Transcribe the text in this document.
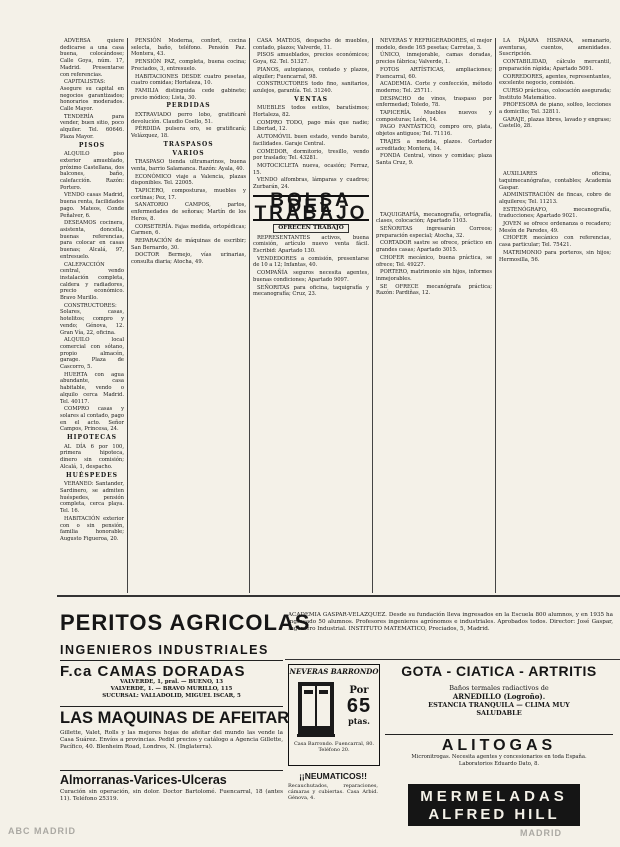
ADVERSA quiere dedicarse a una casa buena, colocándose; Calle Goya, núm. 17, Madrid. Presentarse con referencias.

CAPITALISTAS: Asegure su capital en negocios garantizados; honorarios moderados. Calle Mayor.

TENDERÍA para vender, buen sitio, poco alquiler. Tel. 60646. Plaza Mayor.

PISOS

ALQUILO piso exterior amueblado, próximo Castellana, dos balcones, baño, calefacción. Razón: Portero.

VENDO casas Madrid, buena renta, facilidades pago. Mateos, Conde Peñalver, 6.

DESEAMOS cocinera, asistenta, doncella, buenas referencias, para colocar en casas buenas; Alcalá, 97, entresuelo.

CALEFACCIÓN central, vendo instalación completa, caldera y radiadores, precio económico. Bravo Murillo.

CONSTRUCTORES: Solares, casas, hotelitos; compro y vendo; Génova, 12. Gran Vía, 22, oficina.

ALQUILO local comercial con sótano, propio almacén, garage. Plaza de Cascorro, 5.

HUERTA con agua abundante, casa habitable, vendo o alquilo cerca Madrid. Tel. 40117.

COMPRO casas y solares al contado, pago en el acto. Señor Campos, Princesa, 24.

HIPOTECAS

AL DÍA 6 por 100, primera hipoteca, dinero sin comisión; Alcalá, 1, despacho.

HUÉSPEDES

VERANEO: Santander, Sardinero, se admiten huéspedes, pensión completa, cerca playa. Tel. 16.

HABITACIÓN exterior con o sin pensión, familia honorable; Augusto Figueroa, 20.

PENSIÓN Moderna, confort, cocina selecta, baño, teléfono. Pensión Paz. Montera, 43.

PENSIÓN PAZ, completa, buena cocina; Preciados, 3, entresuelo.

HABITACIONES DESDE cuatro pesetas, cuatro comidas; Hortaleza, 10.

FAMILIA distinguida cede gabinete; precio módico; Lista, 30.

PERDIDAS

EXTRAVIADO perro lobo, gratificaré devolución. Claudio Coello, 51.

PÉRDIDA pulsera oro, se gratificará; Velázquez, 18.

TRASPASOS
VARIOS

TRASPASO tienda ultramarinos, buena venta, barrio Salamanca. Razón: Ayala, 40.

ECONÓMICO viaje a Valencia, plazas disponibles. Tel. 22005.

TAPICERO, composturas, muebles y cortinas; Pez, 17.

SANATORIO CAMPOS, partos, enfermedades de señoras; Martín de los Heros, 8.

CORSETERÍA. Fajas medida, ortopédicas; Carmen, 6.

REPARACIÓN de máquinas de escribir; San Bernardo, 30.

DOCTOR Bermejo, vías urinarias, consulta diaria; Atocha, 49.

CASA MATEOS, despacho de muebles, contado, plazos; Valverde, 11.

PISOS amueblados, precios económicos; Goya, 62. Tel. 51327.

PIANOS, autopianos, contado y plazos, alquiler; Fuencarral, 98.

CONSTRUCTORES todo fino, sanitarios, azulejos, garantía. Tel. 31240.

VENTAS

MUEBLES todos estilos, baratísimos; Hortaleza, 82.

COMPRO TODO, pago más que nadie; Libertad, 12.

AUTOMÓVIL buen estado, vendo barato, facilidades. Garaje Central.

COMEDOR, dormitorio, tresillo, vendo por traslado; Tel. 43281.

MOTOCICLETA nueva, ocasión; Ferraz, 15.

VENDO alfombras, lámparas y cuadros; Zurbarán, 24.

BOLSA DEL TRABAJO
OFRECEN TRABAJO

REPRESENTANTES activos, buena comisión, artículo nuevo venta fácil. Escribid: Apartado 130.

VENDEDORES a comisión, presentarse de 10 a 12; Infantas, 40.

COMPAÑÍA seguros necesita agentes, buenas condiciones; Apartado 9097.

SEÑORITAS para oficina, taquigrafía y mecanografía; Cruz, 23.

NEVERAS Y REFRIGERADORES, el mejor modelo, desde 165 pesetas; Carretas, 3.

ÚNICO, inmejorable, camas doradas, precios fábrica; Valverde, 1.

FOTOS ARTÍSTICAS, ampliaciones; Fuencarral, 60.

ACADEMIA. Corte y confección, método moderno; Tel. 25711.

DESPACHO de vinos, traspaso por enfermedad; Toledo, 78.

TAPICERÍA. Muebles nuevos y composturas; León, 14.

PAGO FANTÁSTICO, compro oro, plata, objetos antiguos; Tel. 71116.

TRAJES a medida, plazos. Cortador acreditado; Montera, 14.

FONDA Central, vinos y comidas; plaza Santa Cruz, 9.

TAQUIGRAFÍA, mecanografía, ortografía, clases, colocación; Apartado 1103.

SEÑORITAS ingresarán Correos; preparación especial; Atocha, 32.

CORTADOR sastre se ofrece, práctico en grandes casas; Apartado 3015.

CHOFER mecánico, buena práctica, se ofrece; Tel. 49227.

PORTERO, matrimonio sin hijos, informes inmejorables.

SE OFRECE mecanógrafa práctica; Razón: Pardiñas, 12.

LA PÁJARA HISPANA, semanario, aventuras, cuentos, amenidades. Suscripción.

CONTABILIDAD, cálculo mercantil, preparación rápida; Apartado 5091.

CORREDORES, agentes, representantes, excelente negocio, comisión.

CURSO prácticas, colocación asegurada; Instituto Matemático.

PROFESORA de piano, solfeo, lecciones a domicilio; Tel. 32811.

GARAJE, plazas libres, lavado y engrase; Castelló, 28.

AUXILIARES oficina, taquimecanógrafas, contables; Academia Gaspar.

ADMINISTRACIÓN de fincas, cobro de alquileres; Tel. 11213.

ESTENÓGRAFO, mecanografía, traducciones; Apartado 9021.

JOVEN se ofrece ordenanza o recadero; Mesón de Paredes, 49.

CHOFER mecánico con referencias, casa particular; Tel. 75421.

MATRIMONIO para porteros, sin hijos; Hermosilla, 56.

PERITOS AGRICOLAS
INGENIEROS INDUSTRIALES
ACADEMIA GASPAR-VELAZQUEZ. Desde su fundación lleva ingresados en la Escuela 800 alumnos, y en 1935 ha ingresado 50 alumnos. Profesores ingenieros agrónomos e industriales. Aprobados todos. Director: José Gaspar, Ingeniero Industrial. INSTITUTO MATEMATICO, Preciados, 5, Madrid.
F.ca CAMAS DORADAS
VALVERDE, 1, pral. — BUENO, 13
VALVERDE, 1. — BRAVO MURILLO, 115
SUCURSAL: VALLADOLID, MIGUEL ISCAR, 5
LAS MAQUINAS DE AFEITAR
Gillette, Valet, Rolls y las mejores hojas de afeitar del mundo las vende la Casa Suárez. Envíos a provincias. Pedid precios y catálogo a Agencia Gillette, Pacífico, 40. Blenheim Road, Londres, N. (Inglaterra).
Almorranas-Varices-Ulceras
Curación sin operación, sin dolor. Doctor Bartolomé. Fuencarral, 18 (antes 11). Teléfono 25319.
NEVERAS BARRONDO
Por
65
ptas.
Casa Barrondo. Fuencarral, 80. Teléfono 20.
¡¡NEUMATICOS!!
Recauchutados, reparaciones, cámaras y cubiertas. Casa Arbid. Génova, 4.
GOTA - CIATICA - ARTRITIS
Baños termales radiactivos de
ARNEDILLO (Logroño).
ESTANCIA TRANQUILA — CLIMA MUY SALUDABLE
ALITOGAS
Micronitrogas. Necesita agentes y concesionarios en toda España. Laboratorios Eduardo Dato, 8.
MERMELADAS
ALFRED HILL
ABC MADRID	MADRID
